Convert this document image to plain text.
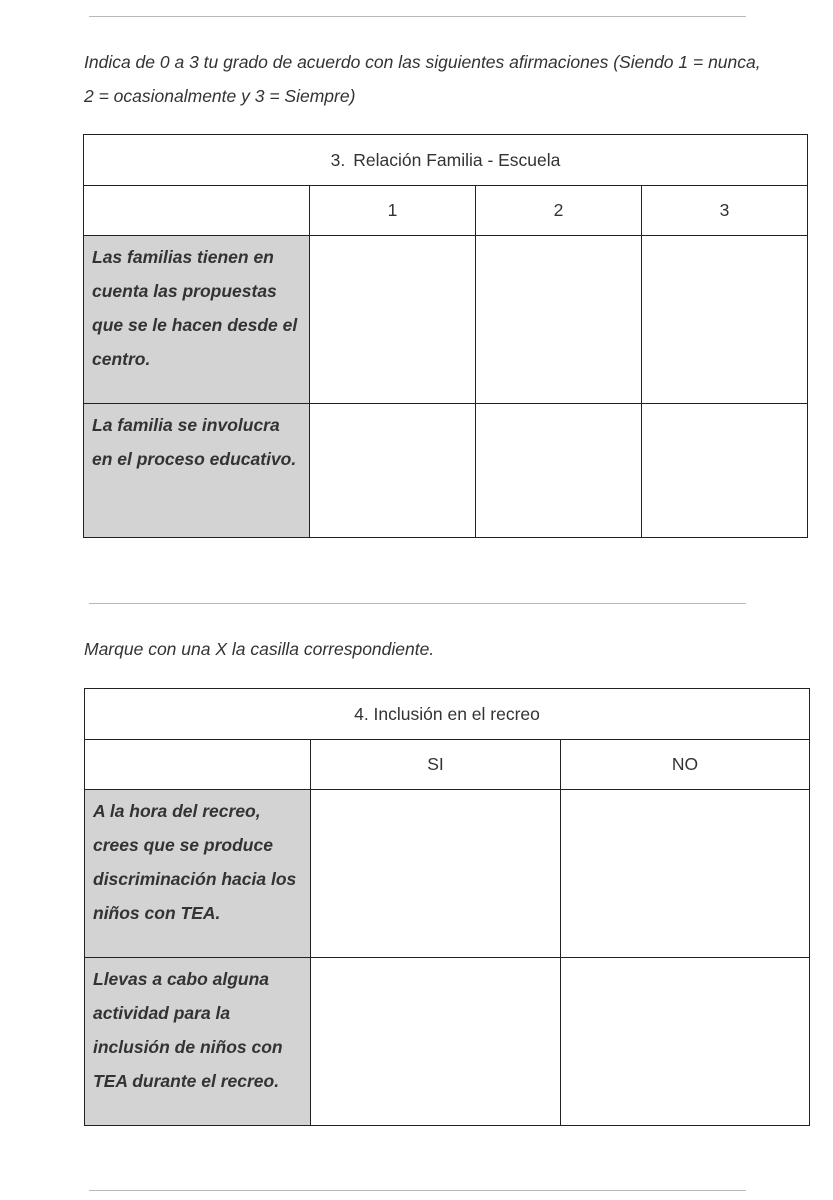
Indica de 0 a 3 tu grado de acuerdo con las siguientes afirmaciones (Siendo 1 = nunca, 2 = ocasionalmente y 3 = Siempre)

3. Relación Familia - Escuela			
	1	2	3
Las familias tienen en cuenta las propuestas que se le hacen desde el centro.			
La familia se involucra en el proceso educativo.			

Marque con una X la casilla correspondiente.

4. Inclusión en el recreo		
	SI	NO
A la hora del recreo, crees que se produce discriminación hacia los niños con TEA.		
Llevas a cabo alguna actividad para la inclusión de niños con TEA durante el recreo.		
